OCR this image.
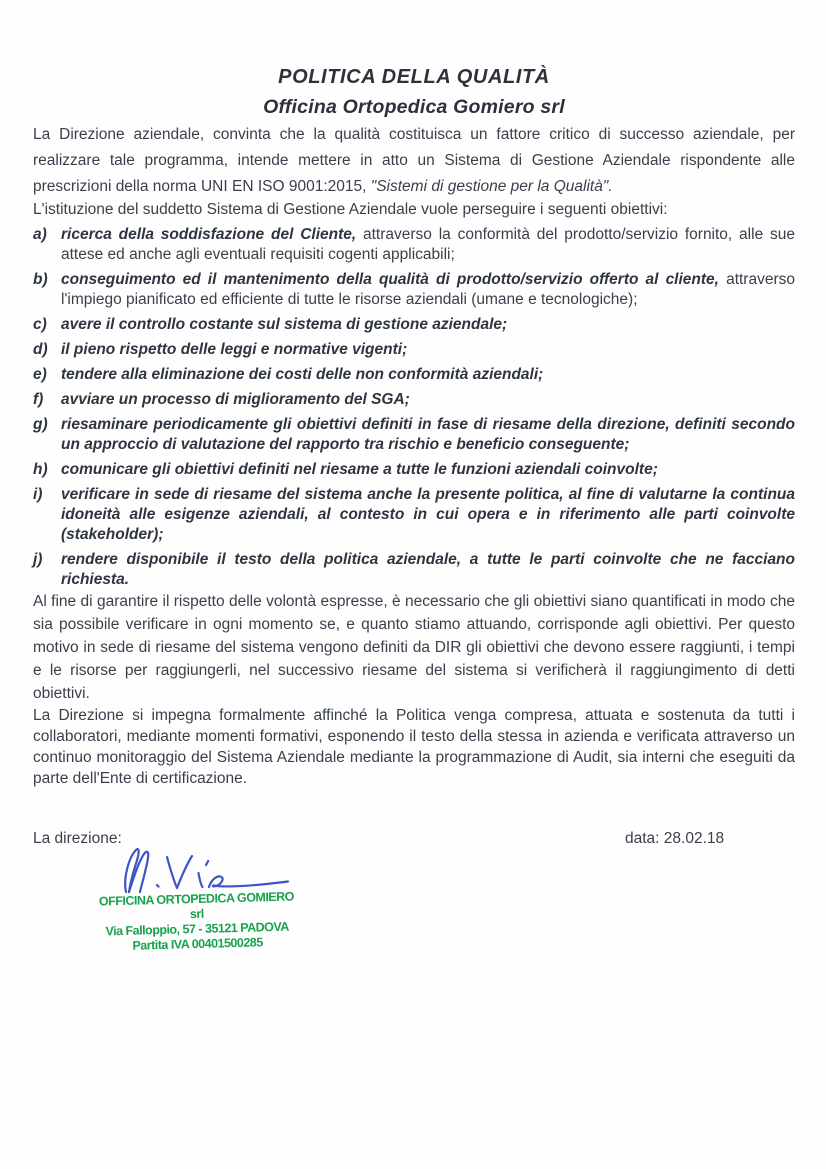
POLITICA DELLA QUALITÀ
Officina Ortopedica Gomiero srl

La Direzione aziendale, convinta che la qualità costituisca un fattore critico di successo aziendale, per realizzare tale programma, intende mettere in atto un Sistema di Gestione Aziendale rispondente alle prescrizioni della norma UNI EN ISO 9001:2015, "Sistemi di gestione per la Qualità".

L'istituzione del suddetto Sistema di Gestione Aziendale vuole perseguire i seguenti obiettivi:

a) ricerca della soddisfazione del Cliente, attraverso la conformità del prodotto/servizio fornito, alle sue attese ed anche agli eventuali requisiti cogenti applicabili;
b) conseguimento ed il mantenimento della qualità di prodotto/servizio offerto al cliente, attraverso l'impiego pianificato ed efficiente di tutte le risorse aziendali (umane e tecnologiche);
c) avere il controllo costante sul sistema di gestione aziendale;
d) il pieno rispetto delle leggi e normative vigenti;
e) tendere alla eliminazione dei costi delle non conformità aziendali;
f)	avviare un processo di miglioramento del SGA;
g) riesaminare periodicamente gli obiettivi definiti in fase di riesame della direzione, definiti secondo un approccio di valutazione del rapporto tra rischio e beneficio conseguente;
h) comunicare gli obiettivi definiti nel riesame a tutte le funzioni aziendali coinvolte;
i)	verificare in sede di riesame del sistema anche la presente politica, al fine di valutarne la continua idoneità alle esigenze aziendali, al contesto in cui opera e in riferimento alle parti coinvolte (stakeholder);
j)	rendere disponibile il testo della politica aziendale, a tutte le parti coinvolte che ne facciano richiesta.

Al fine di garantire il rispetto delle volontà espresse, è necessario che gli obiettivi siano quantificati in modo che sia possibile verificare in ogni momento se, e quanto stiamo attuando, corrisponde agli obiettivi. Per questo motivo in sede di riesame del sistema vengono definiti da DIR gli obiettivi che devono essere raggiunti, i tempi e le risorse per raggiungerli, nel successivo riesame del sistema si verificherà il raggiungimento di detti obiettivi.

La Direzione si impegna formalmente affinché la Politica venga compresa, attuata e sostenuta da tutti i collaboratori, mediante momenti formativi, esponendo il testo della stessa in azienda e verificata attraverso un continuo monitoraggio del Sistema Aziendale mediante la programmazione di Audit, sia interni che eseguiti da parte dell'Ente di certificazione.

La direzione:	data: 28.02.18
OFFICINA ORTOPEDICA GOMIERO srl
Via Falloppio, 57 - 35121 PADOVA
Partita IVA 00401500285
